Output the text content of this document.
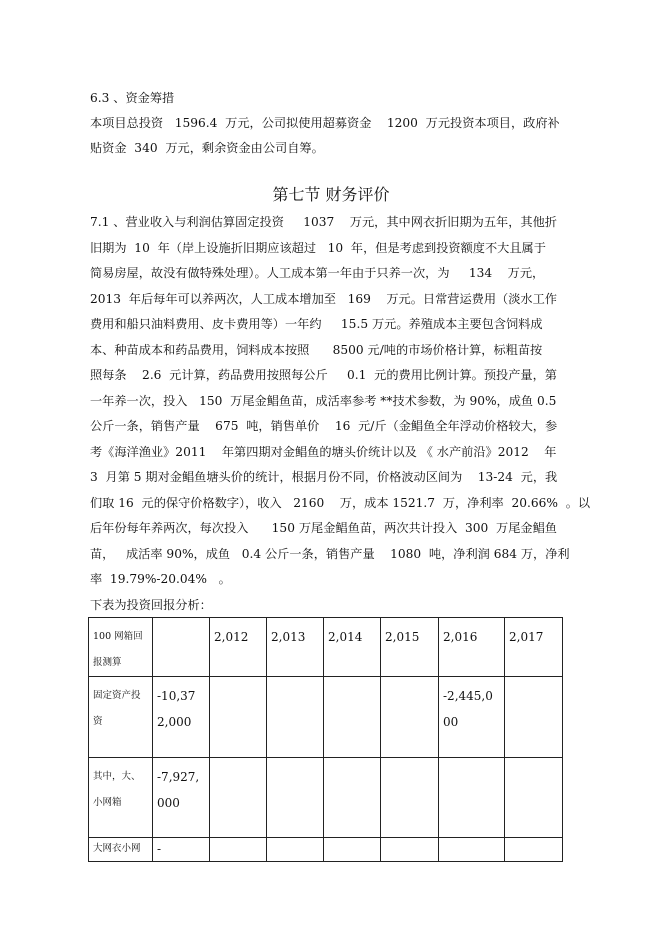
6.3 、资金筹措
本项目总投资   1596.4  万元，公司拟使用超募资金    1200  万元投资本项目，政府补
贴资金  340  万元，剩余资金由公司自筹。
第七节 财务评价
7.1 、营业收入与利润估算固定投资     1037    万元，其中网衣折旧期为五年，其他折
旧期为  10  年（岸上设施折旧期应该超过   10  年，但是考虑到投资额度不大且属于
简易房屋，故没有做特殊处理）。人工成本第一年由于只养一次，为     134    万元，
2013  年后每年可以养两次，人工成本增加至   169    万元。日常营运费用（淡水工作
费用和船只油料费用、皮卡费用等）一年约     15.5 万元。养殖成本主要包含饲料成
本、种苗成本和药品费用，饲料成本按照      8500 元/吨的市场价格计算，标粗苗按
照每条    2.6  元计算，药品费用按照每公斤     0.1  元的费用比例计算。预投产量，第
一年养一次，投入   150  万尾金鲳鱼苗，成活率参考 **技术参数，为 90%，成鱼 0.5
公斤一条，销售产量    675  吨，销售单价    16  元/斤（金鲳鱼全年浮动价格较大，参
考《海洋渔业》2011    年第四期对金鲳鱼的塘头价统计以及 《 水产前沿》2012    年
3  月第 5 期对金鲳鱼塘头价的统计，根据月份不同，价格波动区间为    13-24  元，我
们取 16  元的保守价格数字），收入   2160    万，成本 1521.7  万，净利率  20.66%  。以
后年份每年养两次，每次投入      150 万尾金鲳鱼苗，两次共计投入  300  万尾金鲳鱼
苗，   成活率 90%，成鱼   0.4 公斤一条，销售产量    1080  吨，净利润 684 万，净利
率  19.79%-20.04%   。
下表为投资回报分析：
100 网箱回报测算		2,012	2,013	2,014	2,015	2,016	2,017

固定资产投资	-10,372,000					-2,445,000	

其中，大、小网箱	-7,927,000						

大网衣小网	-						
